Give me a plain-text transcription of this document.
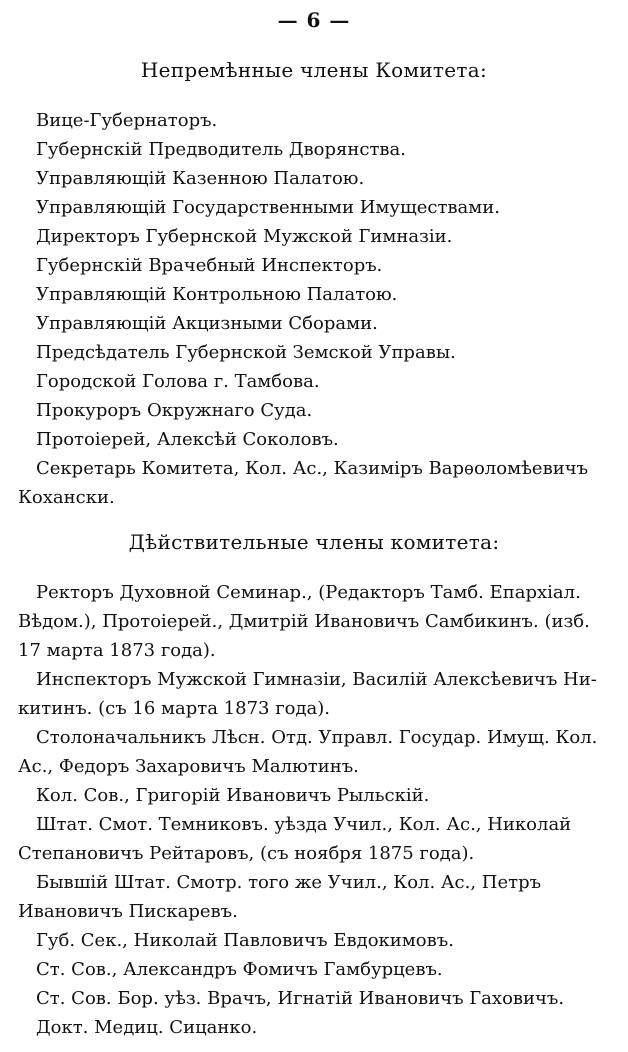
— 6 —
Непремѣнные члены Комитета:
Вице-Губернаторъ.
Губернскій Предводитель Дворянства.
Управляющій Казенною Палатою.
Управляющій Государственными Имуществами.
Директоръ Губернской Мужской Гимназіи.
Губернскій Врачебный Инспекторъ.
Управляющій Контрольною Палатою.
Управляющій Акцизными Сборами.
Предсѣдатель Губернской Земской Управы.
Городской Голова г. Тамбова.
Прокуроръ Окружнаго Суда.
Протоіерей, Алексѣй Соколовъ.
Секретарь Комитета, Кол. Ас., Казиміръ Варѳоломѣевичъ
Кохански.
Дѣйствительные члены комитета:
Ректоръ Духовной Семинар., (Редакторъ Тамб. Епархіал.
Вѣдом.), Протоіерей., Дмитрій Ивановичъ Самбикинъ. (изб.
17 марта 1873 года).
Инспекторъ Мужской Гимназіи, Василій Алексѣевичъ Ни-
китинъ. (съ 16 марта 1873 года).
Столоначальникъ Лѣсн. Отд. Управл. Государ. Имущ. Кол.
Ас., Федоръ Захаровичъ Малютинъ.
Кол. Сов., Григорій Ивановичъ Рыльскій.
Штат. Смот. Темниковъ. уѣзда Учил., Кол. Ас., Николай
Степановичъ Рейтаровъ, (съ ноября 1875 года).
Бывшій Штат. Смотр. того же Учил., Кол. Ас., Петръ
Ивановичъ Пискаревъ.
Губ. Сек., Николай Павловичъ Евдокимовъ.
Ст. Сов., Александръ Фомичъ Гамбурцевъ.
Ст. Сов. Бор. уѣз. Врачъ, Игнатій Ивановичъ Гаховичъ.
Докт. Медиц. Сицанко.
